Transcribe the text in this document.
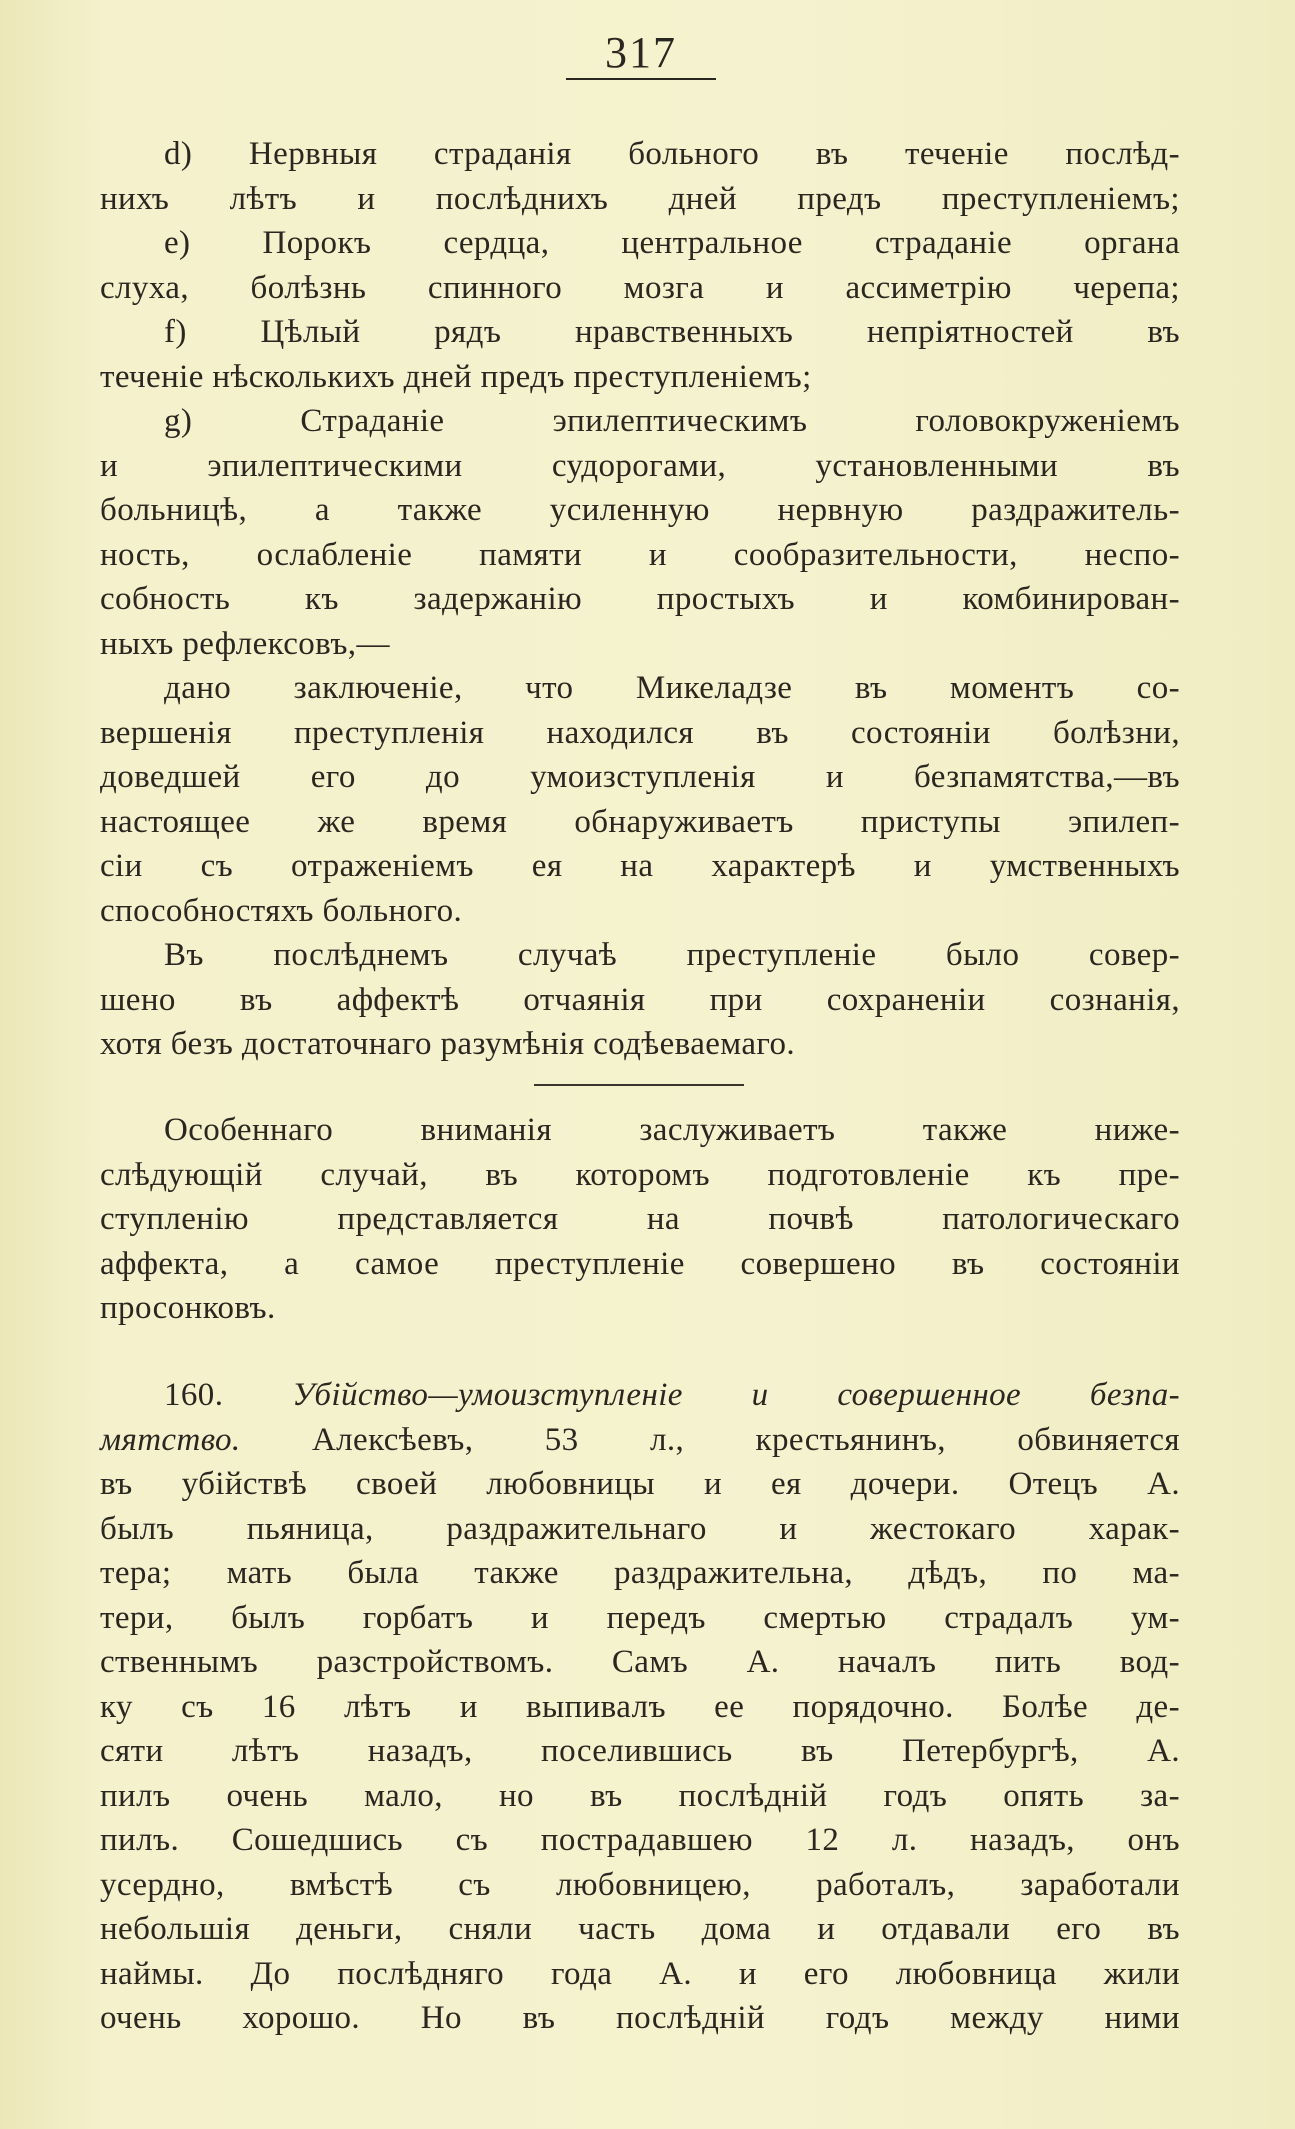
317
d) Нервныя страданія больного въ теченіе послѣд-
нихъ лѣтъ и послѣднихъ дней предъ преступленіемъ;
e) Порокъ сердца, центральное страданіе органа
слуха, болѣзнь спинного мозга и ассиметрію черепа;
f) Цѣлый рядъ нравственныхъ непріятностей въ
теченіе нѣсколькихъ дней предъ преступленіемъ;
g) Страданіе эпилептическимъ головокруженіемъ
и эпилептическими судорогами, установленными въ
больницѣ, а также усиленную нервную раздражитель-
ность, ослабленіе памяти и сообразительности, неспо-
собность къ задержанію простыхъ и комбинирован-
ныхъ рефлексовъ,—
дано заключеніе, что Микеладзе въ моментъ со-
вершенія преступленія находился въ состояніи болѣзни,
доведшей его до умоизступленія и безпамятства,—въ
настоящее же время обнаруживаетъ приступы эпилеп-
сіи съ отраженіемъ ея на характерѣ и умственныхъ
способностяхъ больного.
Въ послѣднемъ случаѣ преступленіе было совер-
шено въ аффектѣ отчаянія при сохраненіи сознанія,
хотя безъ достаточнаго разумѣнія содѣеваемаго.
Особеннаго вниманія заслуживаетъ также ниже-
слѣдующій случай, въ которомъ подготовленіе къ пре-
ступленію представляется на почвѣ патологическаго
аффекта, а самое преступленіе совершено въ состояніи
просонковъ.
160. Убійство—умоизступленіе и совершенное безпа-
мятство. Алексѣевъ, 53 л., крестьянинъ, обвиняется
въ убійствѣ своей любовницы и ея дочери. Отецъ А.
былъ пьяница, раздражительнаго и жестокаго харак-
тера; мать была также раздражительна, дѣдъ, по ма-
тери, былъ горбатъ и передъ смертью страдалъ ум-
ственнымъ разстройствомъ. Самъ А. началъ пить вод-
ку съ 16 лѣтъ и выпивалъ ее порядочно. Болѣе де-
сяти лѣтъ назадъ, поселившись въ Петербургѣ, А.
пилъ очень мало, но въ послѣдній годъ опять за-
пилъ. Сошедшись съ пострадавшею 12 л. назадъ, онъ
усердно, вмѣстѣ съ любовницею, работалъ, заработали
небольшія деньги, сняли часть дома и отдавали его въ
наймы. До послѣдняго года А. и его любовница жили
очень хорошо. Но въ послѣдній годъ между ними
